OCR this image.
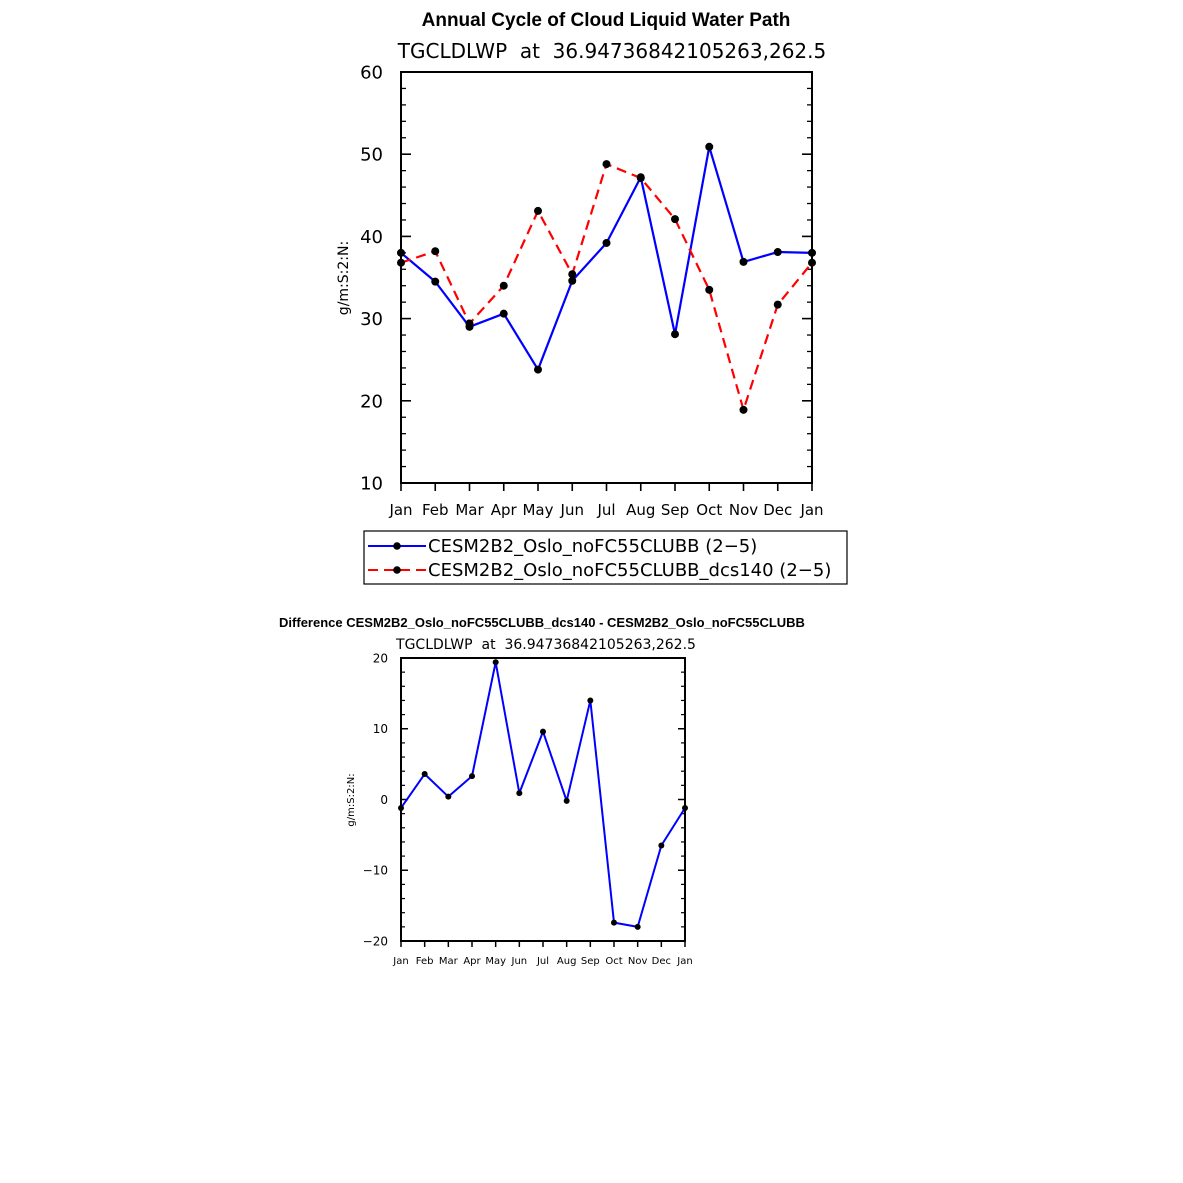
Annual Cycle of Cloud Liquid Water Path
TGCLDLWP  at  36.94736842105263,262.5
g/m:S:2:N:
10
20
30
40
50
60
Jan Feb Mar Apr May Jun Jul Aug Sep Oct Nov Dec Jan
CESM2B2_Oslo_noFC55CLUBB (2−5)
CESM2B2_Oslo_noFC55CLUBB_dcs140 (2−5)
Difference CESM2B2_Oslo_noFC55CLUBB_dcs140 - CESM2B2_Oslo_noFC55CLUBB
TGCLDLWP  at  36.94736842105263,262.5
g/m:S:2:N:
−20
−10
0
10
20
Jan Feb Mar Apr May Jun Jul Aug Sep Oct Nov Dec Jan
